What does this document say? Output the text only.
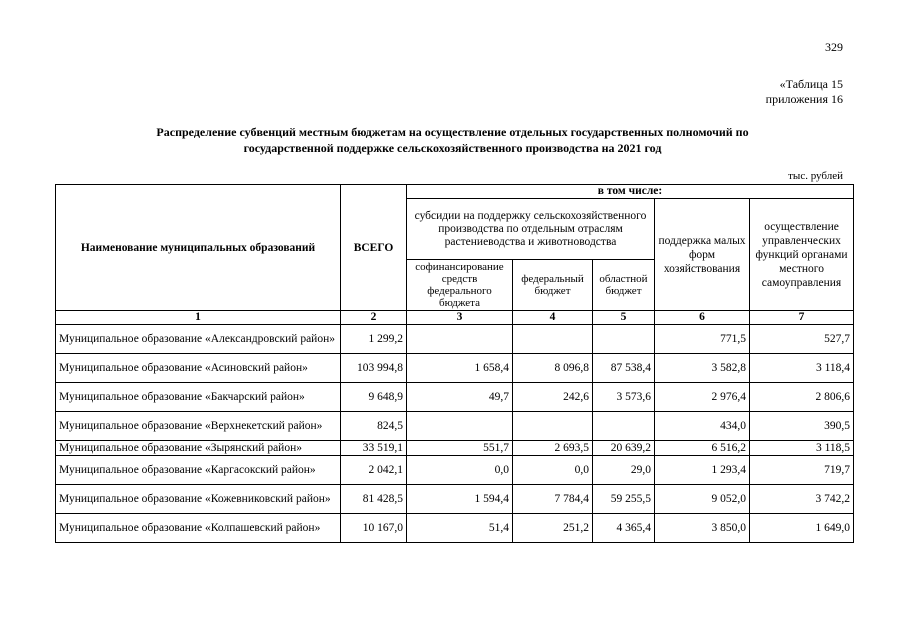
329
«Таблица 15
приложения 16
Распределение субвенций местным бюджетам на осуществление отдельных государственных полномочий по
государственной поддержке сельскохозяйственного производства на 2021 год
тыс. рублей
Наименование муниципальных образований	ВСЕГО	в том числе:				
		субсидии на поддержку сельскохозяйственного производства по отдельным отраслям растениеводства и животноводства			поддержка малых форм хозяйствования	осуществление управленческих функций органами местного самоуправления
		софинансирование средств федерального бюджета	федеральный бюджет	областной бюджет		
1	2	3	4	5	6	7
Муниципальное образование «Александровский район»	1 299,2				771,5	527,7
Муниципальное образование «Асиновский район»	103 994,8	1 658,4	8 096,8	87 538,4	3 582,8	3 118,4
Муниципальное образование «Бакчарский район»	9 648,9	49,7	242,6	3 573,6	2 976,4	2 806,6
Муниципальное образование «Верхнекетский район»	824,5				434,0	390,5
Муниципальное образование «Зырянский район»	33 519,1	551,7	2 693,5	20 639,2	6 516,2	3 118,5
Муниципальное образование «Каргасокский район»	2 042,1	0,0	0,0	29,0	1 293,4	719,7
Муниципальное образование «Кожевниковский район»	81 428,5	1 594,4	7 784,4	59 255,5	9 052,0	3 742,2
Муниципальное образование «Колпашевский район»	10 167,0	51,4	251,2	4 365,4	3 850,0	1 649,0
